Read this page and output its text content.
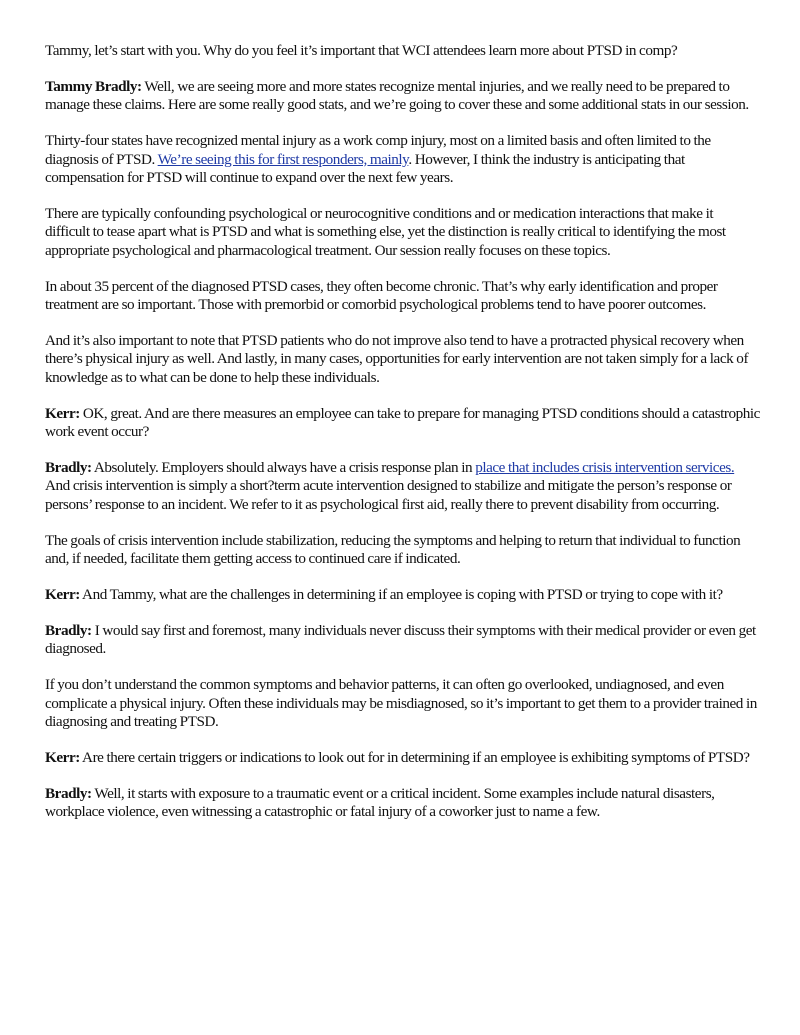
Tammy, let’s start with you. Why do you feel it’s important that WCI attendees learn more about PTSD in comp?

Tammy Bradly: Well, we are seeing more and more states recognize mental injuries, and we really need to be prepared to manage these claims. Here are some really good stats, and we’re going to cover these and some additional stats in our session.

Thirty-four states have recognized mental injury as a work comp injury, most on a limited basis and often limited to the diagnosis of PTSD. We’re seeing this for first responders, mainly. However, I think the industry is anticipating that compensation for PTSD will continue to expand over the next few years.

There are typically confounding psychological or neurocognitive conditions and or medication interactions that make it difficult to tease apart what is PTSD and what is something else, yet the distinction is really critical to identifying the most appropriate psychological and pharmacological treatment. Our session really focuses on these topics.

In about 35 percent of the diagnosed PTSD cases, they often become chronic. That’s why early identification and proper treatment are so important. Those with premorbid or comorbid psychological problems tend to have poorer outcomes.

And it’s also important to note that PTSD patients who do not improve also tend to have a protracted physical recovery when there’s physical injury as well. And lastly, in many cases, opportunities for early intervention are not taken simply for a lack of knowledge as to what can be done to help these individuals.

Kerr: OK, great. And are there measures an employee can take to prepare for managing PTSD conditions should a catastrophic work event occur?

Bradly: Absolutely. Employers should always have a crisis response plan in place that includes crisis intervention services. And crisis intervention is simply a short?term acute intervention designed to stabilize and mitigate the person’s response or persons’ response to an incident. We refer to it as psychological first aid, really there to prevent disability from occurring.

The goals of crisis intervention include stabilization, reducing the symptoms and helping to return that individual to function and, if needed, facilitate them getting access to continued care if indicated.

Kerr: And Tammy, what are the challenges in determining if an employee is coping with PTSD or trying to cope with it?

Bradly: I would say first and foremost, many individuals never discuss their symptoms with their medical provider or even get diagnosed.

If you don’t understand the common symptoms and behavior patterns, it can often go overlooked, undiagnosed, and even complicate a physical injury. Often these individuals may be misdiagnosed, so it’s important to get them to a provider trained in diagnosing and treating PTSD.

Kerr: Are there certain triggers or indications to look out for in determining if an employee is exhibiting symptoms of PTSD?

Bradly: Well, it starts with exposure to a traumatic event or a critical incident. Some examples include natural disasters, workplace violence, even witnessing a catastrophic or fatal injury of a coworker just to name a few.
